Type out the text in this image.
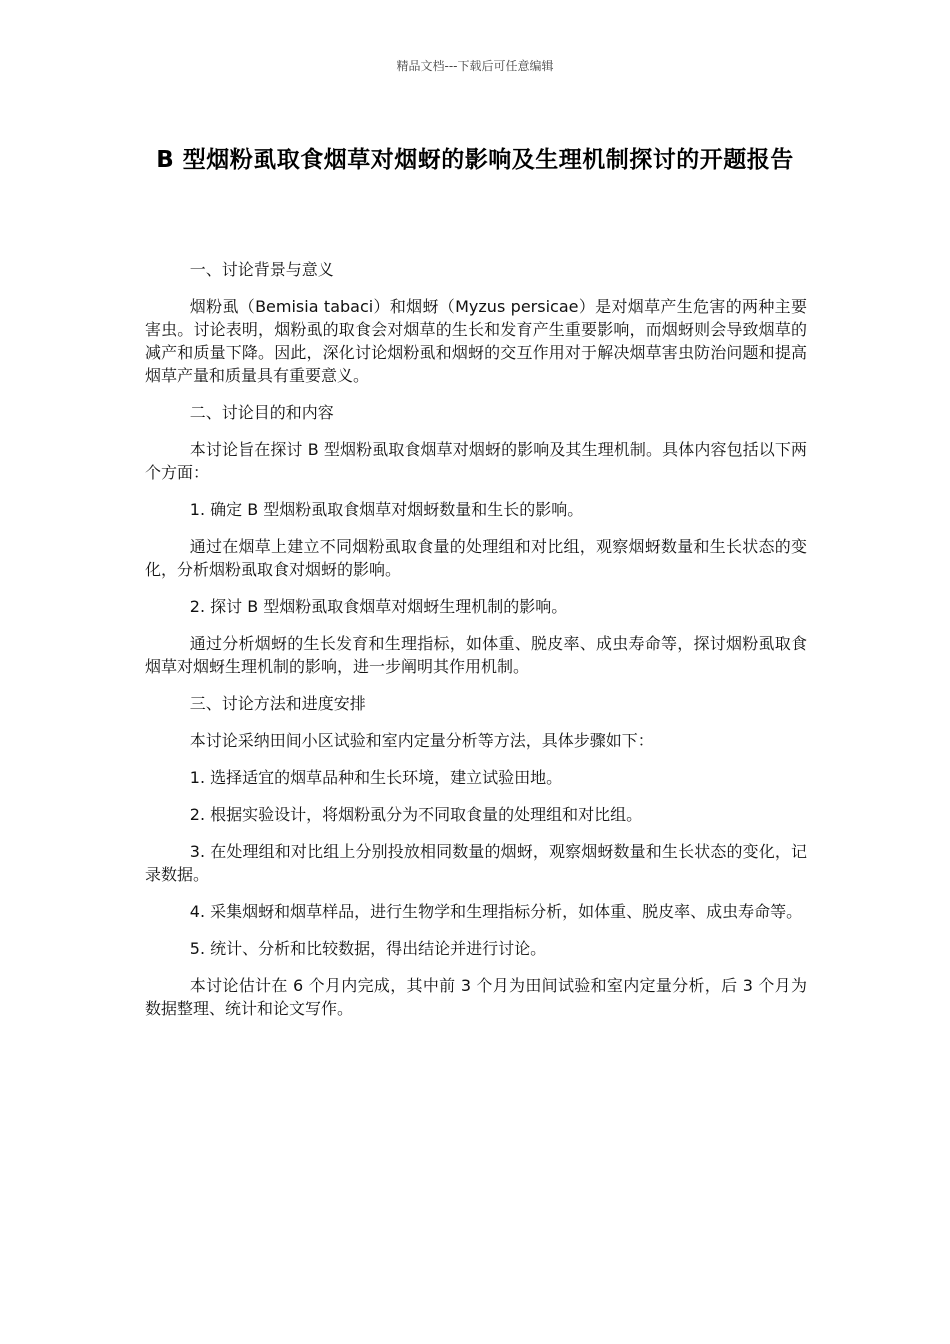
精品文档---下载后可任意编辑
B 型烟粉虱取食烟草对烟蚜的影响及生理机制探讨的开题报告

一、讨论背景与意义

烟粉虱（Bemisia tabaci）和烟蚜（Myzus persicae）是对烟草产生危害的两种主要害虫。讨论表明，烟粉虱的取食会对烟草的生长和发育产生重要影响，而烟蚜则会导致烟草的减产和质量下降。因此，深化讨论烟粉虱和烟蚜的交互作用对于解决烟草害虫防治问题和提高烟草产量和质量具有重要意义。

二、讨论目的和内容

本讨论旨在探讨 B 型烟粉虱取食烟草对烟蚜的影响及其生理机制。具体内容包括以下两个方面：

1. 确定 B 型烟粉虱取食烟草对烟蚜数量和生长的影响。

通过在烟草上建立不同烟粉虱取食量的处理组和对比组，观察烟蚜数量和生长状态的变化，分析烟粉虱取食对烟蚜的影响。

2. 探讨 B 型烟粉虱取食烟草对烟蚜生理机制的影响。

通过分析烟蚜的生长发育和生理指标，如体重、脱皮率、成虫寿命等，探讨烟粉虱取食烟草对烟蚜生理机制的影响，进一步阐明其作用机制。

三、讨论方法和进度安排

本讨论采纳田间小区试验和室内定量分析等方法，具体步骤如下：

1. 选择适宜的烟草品种和生长环境，建立试验田地。

2. 根据实验设计，将烟粉虱分为不同取食量的处理组和对比组。

3. 在处理组和对比组上分别投放相同数量的烟蚜，观察烟蚜数量和生长状态的变化，记录数据。

4. 采集烟蚜和烟草样品，进行生物学和生理指标分析，如体重、脱皮率、成虫寿命等。

5. 统计、分析和比较数据，得出结论并进行讨论。

本讨论估计在 6 个月内完成，其中前 3 个月为田间试验和室内定量分析，后 3 个月为数据整理、统计和论文写作。
